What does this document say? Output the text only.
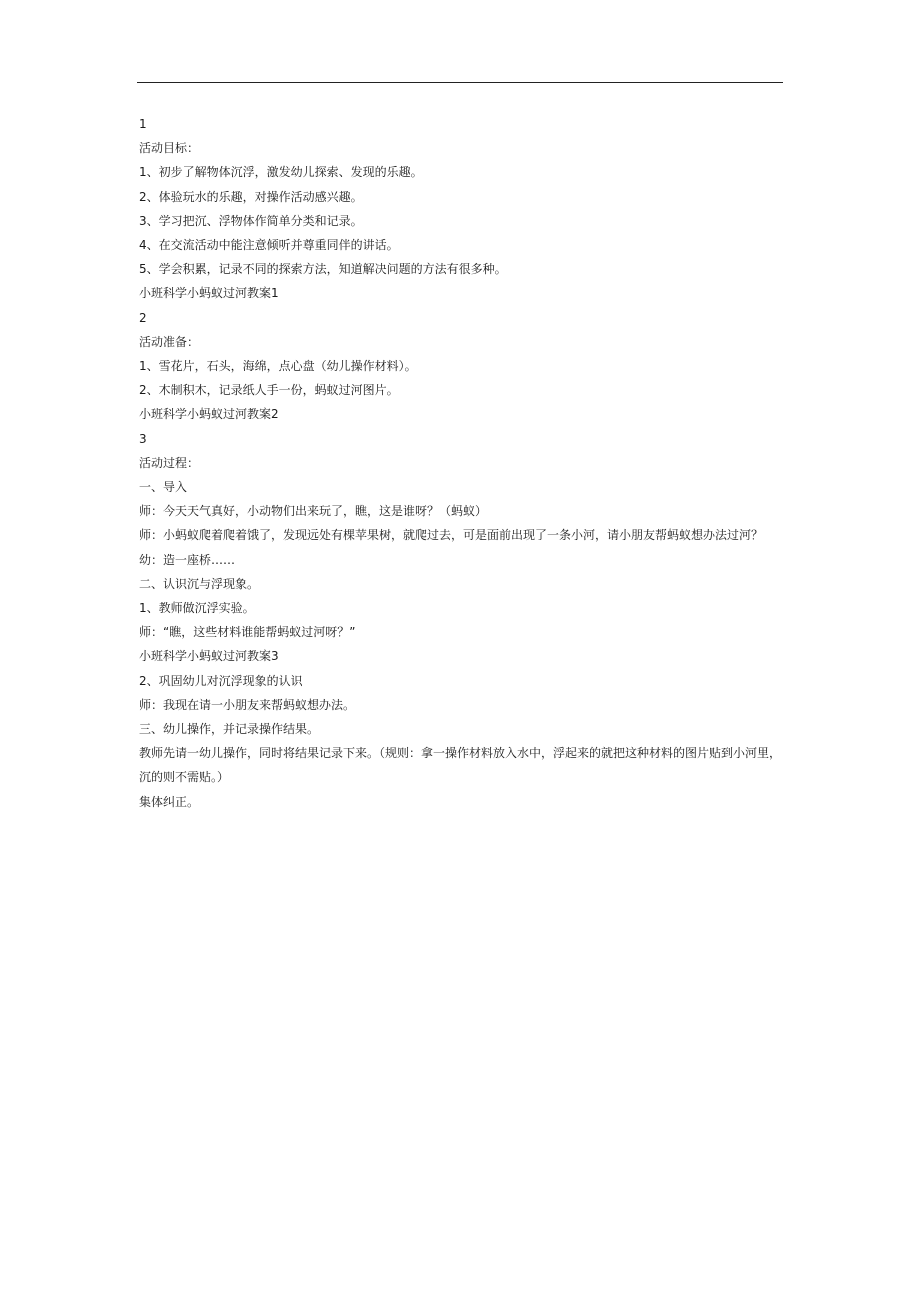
1

活动目标：

1、初步了解物体沉浮，激发幼儿探索、发现的乐趣。

2、体验玩水的乐趣，对操作活动感兴趣。

3、学习把沉、浮物体作简单分类和记录。

4、在交流活动中能注意倾听并尊重同伴的讲话。

5、学会积累，记录不同的探索方法，知道解决问题的方法有很多种。

小班科学小蚂蚁过河教案1

2

活动准备：

1、雪花片，石头，海绵，点心盘（幼儿操作材料）。

2、木制积木，记录纸人手一份，蚂蚁过河图片。

小班科学小蚂蚁过河教案2

3

活动过程：

一、导入

师：今天天气真好，小动物们出来玩了，瞧，这是谁呀？（蚂蚁）

师：小蚂蚁爬着爬着饿了，发现远处有棵苹果树，就爬过去，可是面前出现了一条小河，请小朋友帮蚂蚁想办法过河？

幼：造一座桥……

二、认识沉与浮现象。

1、教师做沉浮实验。

师：“瞧，这些材料谁能帮蚂蚁过河呀？”

小班科学小蚂蚁过河教案3

2、巩固幼儿对沉浮现象的认识

师：我现在请一小朋友来帮蚂蚁想办法。

三、幼儿操作，并记录操作结果。

教师先请一幼儿操作，同时将结果记录下来。（规则：拿一操作材料放入水中，浮起来的就把这种材料的图片贴到小河里，沉的则不需贴。）

集体纠正。
